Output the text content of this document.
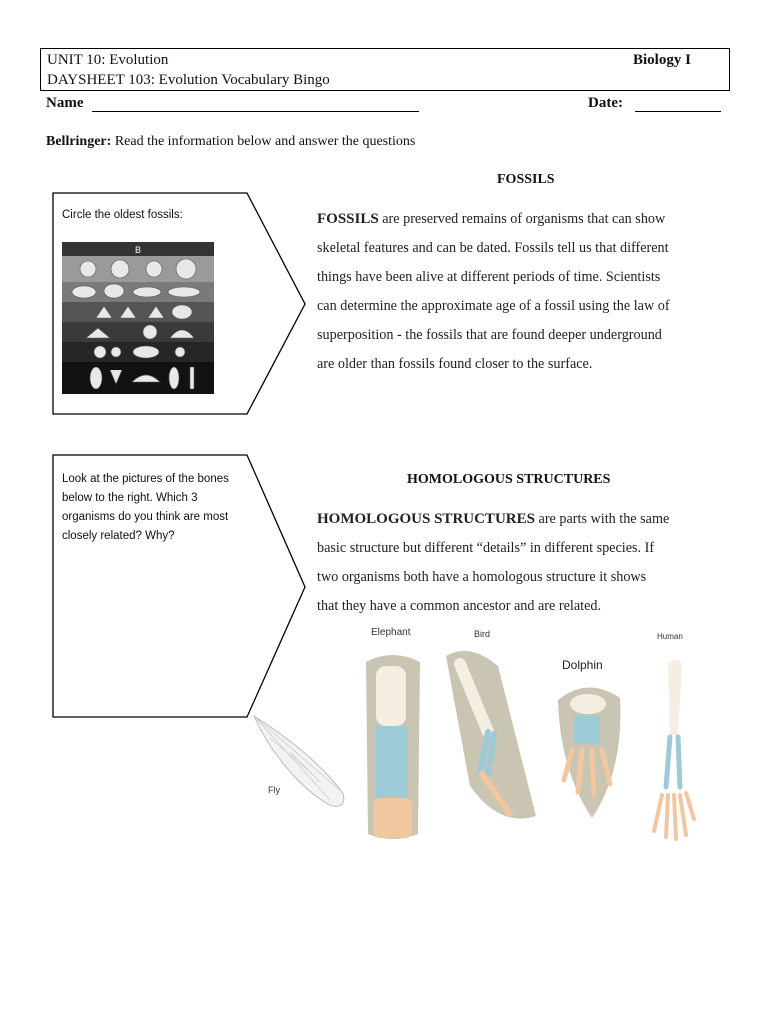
UNIT 10: Evolution	Biology I
DAYSHEET 103: Evolution Vocabulary Bingo
Name	Date:
Bellringer: Read the information below and answer the questions
FOSSILS
FOSSILS are preserved remains of organisms that can show
skeletal features and can be dated. Fossils tell us that different
things have been alive at different periods of time. Scientists
can determine the approximate age of a fossil using the law of
superposition - the fossils that are found deeper underground
are older than fossils found closer to the surface.
Circle the oldest fossils:
B
HOMOLOGOUS STRUCTURES
HOMOLOGOUS STRUCTURES are parts with the same
basic structure but different “details” in different species. If
two organisms both have a homologous structure it shows
that they have a common ancestor and are related.
Look at the pictures of the bones
below to the right. Which 3
organisms do you think are most
closely related? Why?
Fly
Elephant	Bird
Dolphin
Human
